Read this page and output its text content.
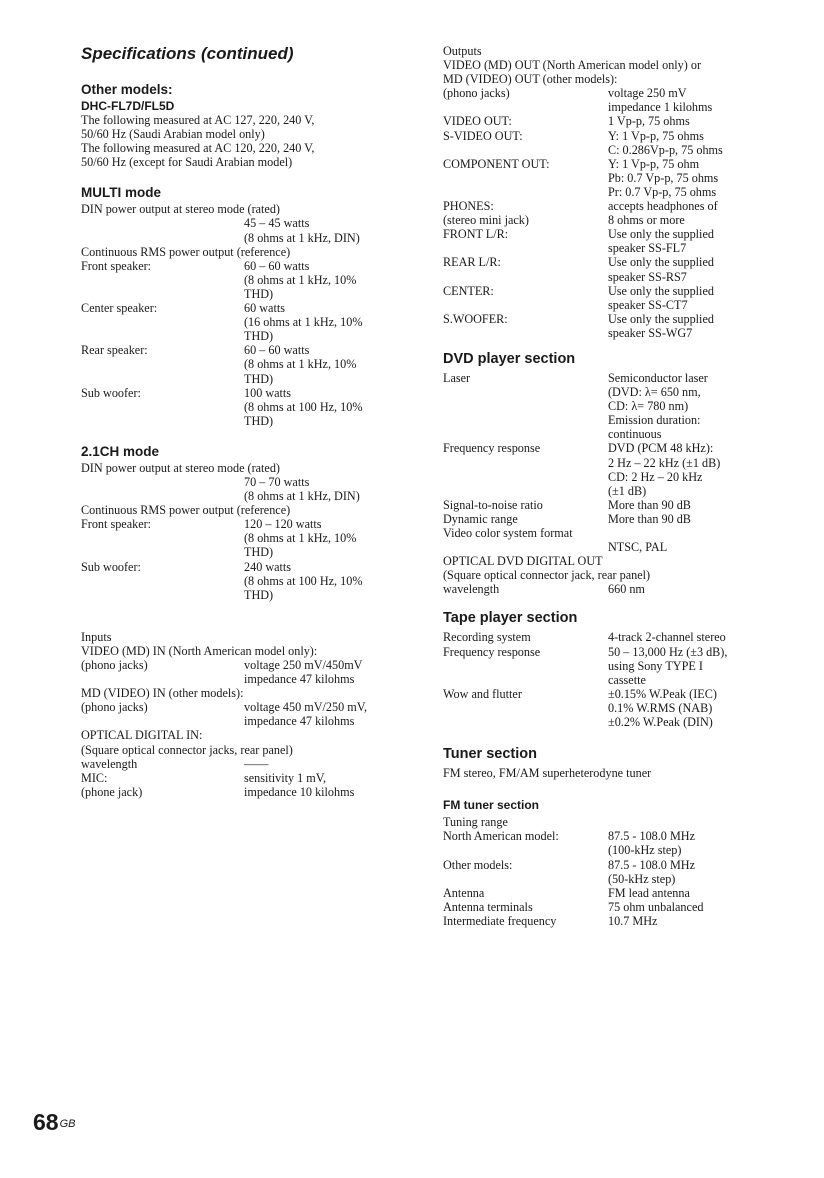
Specifications (continued)
Other models:
DHC-FL7D/FL5D

The following measured at AC 127, 220, 240 V,

50/60 Hz (Saudi Arabian model only)

The following measured at AC 120, 220, 240 V,

50/60 Hz (except for Saudi Arabian model)

MULTI mode

DIN power output at stereo mode (rated)

45 – 45 watts

(8 ohms at 1 kHz, DIN)

Continuous RMS power output (reference)

Front speaker:	60 – 60 watts
(8 ohms at 1 kHz, 10%
THD)
Center speaker:	60 watts
(16 ohms at 1 kHz, 10%
THD)
Rear speaker:	60 – 60 watts
(8 ohms at 1 kHz, 10%
THD)
Sub woofer:	100 watts
(8 ohms at 100 Hz, 10%
THD)
2.1CH mode

DIN power output at stereo mode (rated)

70 – 70 watts

(8 ohms at 1 kHz, DIN)

Continuous RMS power output (reference)

Front speaker:	120 – 120 watts
(8 ohms at 1 kHz, 10%
THD)
Sub woofer:	240 watts
(8 ohms at 100 Hz, 10%
THD)

Inputs

VIDEO (MD) IN (North American model only):

(phono jacks)	voltage 250 mV/450mV
impedance 47 kilohms

MD (VIDEO) IN (other models):

(phono jacks)	voltage 450 mV/250 mV,
impedance 47 kilohms

OPTICAL DIGITAL IN:

(Square optical connector jacks, rear panel)

wavelength	——
MIC:	sensitivity 1 mV,
(phone jack)	impedance 10 kilohms

Outputs

VIDEO (MD) OUT (North American model only) or

MD (VIDEO) OUT (other models):

(phono jacks)	voltage 250 mV
impedance 1 kilohms
VIDEO OUT:	1 Vp-p, 75 ohms
S-VIDEO OUT:	Y: 1 Vp-p, 75 ohms
C: 0.286Vp-p, 75 ohms
COMPONENT OUT:	Y: 1 Vp-p, 75 ohm
Pb: 0.7 Vp-p, 75 ohms
Pr: 0.7 Vp-p, 75 ohms
PHONES:	accepts headphones of
(stereo mini jack)	8 ohms or more
FRONT L/R:	Use only the supplied
speaker SS-FL7
REAR L/R:	Use only the supplied
speaker SS-RS7
CENTER:	Use only the supplied
speaker SS-CT7
S.WOOFER:	Use only the supplied
speaker SS-WG7
DVD player section
Laser	Semiconductor laser
(DVD: λ= 650 nm,
CD: λ= 780 nm)
Emission duration:
continuous
Frequency response	DVD (PCM 48 kHz):
2 Hz – 22 kHz (±1 dB)
CD: 2 Hz – 20 kHz
(±1 dB)
Signal-to-noise ratio	More than 90 dB
Dynamic range	More than 90 dB

Video color system format

NTSC, PAL

OPTICAL DVD DIGITAL OUT

(Square optical connector jack, rear panel)

wavelength	660 nm
Tape player section
Recording system	4-track 2-channel stereo
Frequency response	50 – 13,000 Hz (±3 dB),
using Sony TYPE I
cassette
Wow and flutter	±0.15% W.Peak (IEC)
0.1% W.RMS (NAB)
±0.2% W.Peak (DIN)
Tuner section

FM stereo, FM/AM superheterodyne tuner

FM tuner section

Tuning range

North American model:	87.5 - 108.0 MHz
(100-kHz step)
Other models:	87.5 - 108.0 MHz
(50-kHz step)
Antenna	FM lead antenna
Antenna terminals	75 ohm unbalanced
Intermediate frequency	10.7 MHz
$68^{GB}$
